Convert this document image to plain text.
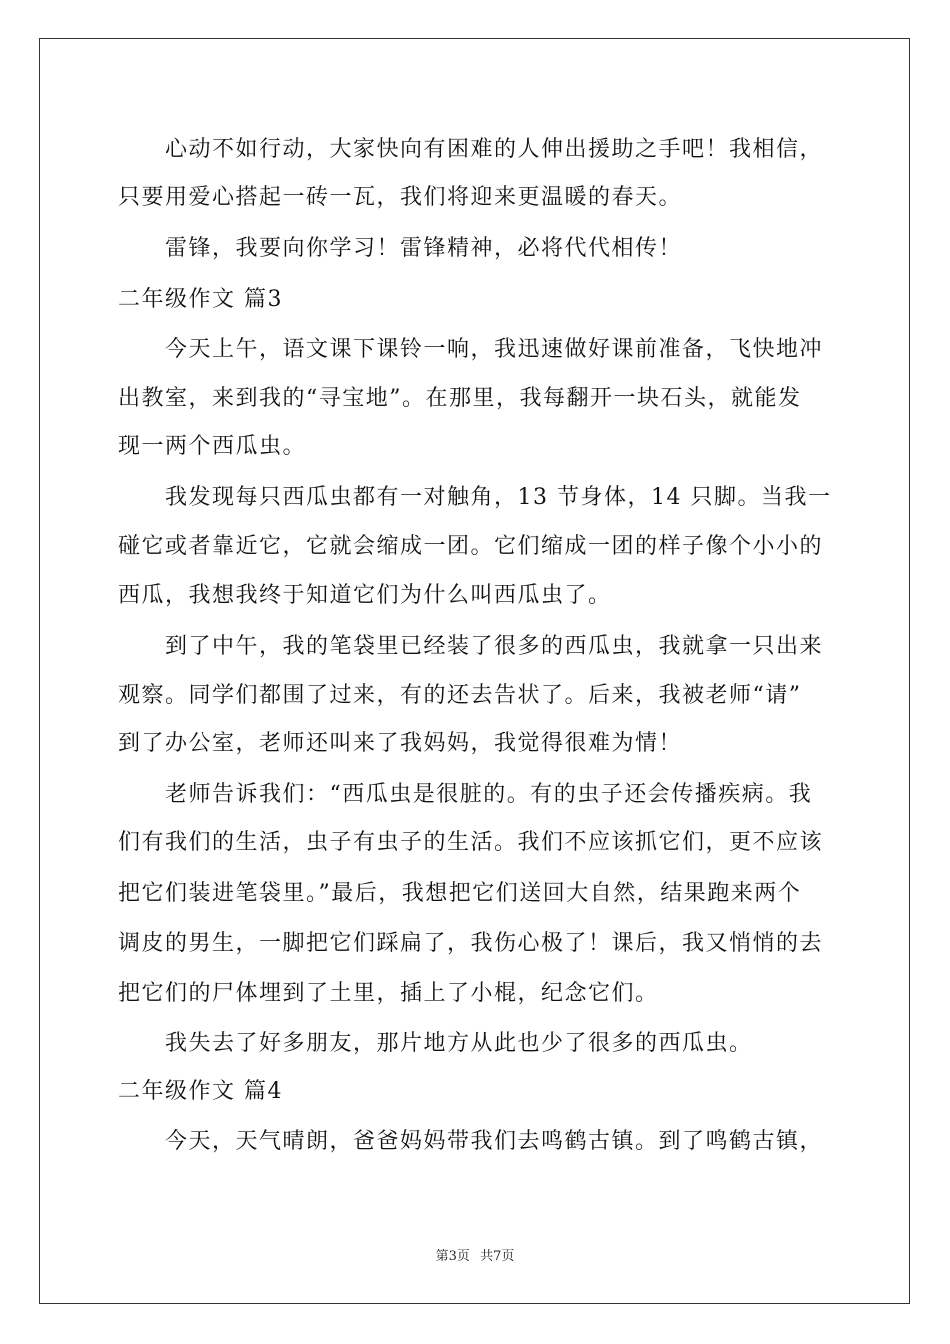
心动不如行动，大家快向有困难的人伸出援助之手吧！我相信，
只要用爱心搭起一砖一瓦，我们将迎来更温暖的春天。
雷锋，我要向你学习！雷锋精神，必将代代相传！
二年级作文 篇3
今天上午，语文课下课铃一响，我迅速做好课前准备，飞快地冲
出教室，来到我的“寻宝地”。在那里，我每翻开一块石头，就能发
现一两个西瓜虫。
我发现每只西瓜虫都有一对触角，13 节身体，14 只脚。当我一
碰它或者靠近它，它就会缩成一团。它们缩成一团的样子像个小小的
西瓜，我想我终于知道它们为什么叫西瓜虫了。
到了中午，我的笔袋里已经装了很多的西瓜虫，我就拿一只出来
观察。同学们都围了过来，有的还去告状了。后来，我被老师“请”
到了办公室，老师还叫来了我妈妈，我觉得很难为情！
老师告诉我们：“西瓜虫是很脏的。有的虫子还会传播疾病。我
们有我们的生活，虫子有虫子的生活。我们不应该抓它们，更不应该
把它们装进笔袋里。”最后，我想把它们送回大自然，结果跑来两个
调皮的男生，一脚把它们踩扁了，我伤心极了！课后，我又悄悄的去
把它们的尸体埋到了土里，插上了小棍，纪念它们。
我失去了好多朋友，那片地方从此也少了很多的西瓜虫。
二年级作文 篇4
今天，天气晴朗，爸爸妈妈带我们去鸣鹤古镇。到了鸣鹤古镇，
第3页 共7页
